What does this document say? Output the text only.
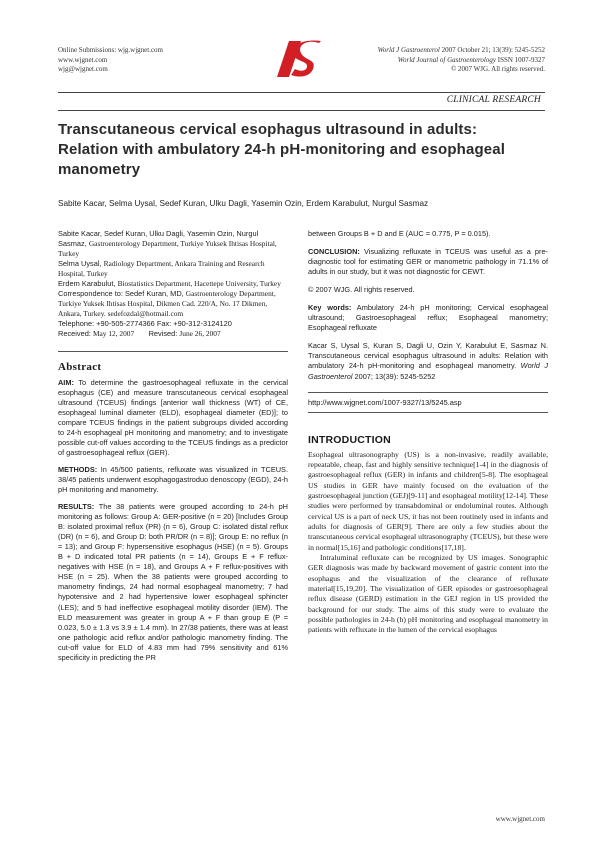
Online Submissions: wjg.wjgnet.com
www.wjgnet.com
wjg@wjgnet.com
World J Gastroenterol 2007 October 21; 13(39): 5245-5252
World Journal of Gastroenterology ISSN 1007-9327
© 2007 WJG. All rights reserved.
CLINICAL RESEARCH
Transcutaneous cervical esophagus ultrasound in adults: Relation with ambulatory 24-h pH-monitoring and esophageal manometry
Sabite Kacar, Selma Uysal, Sedef Kuran, Ulku Dagli, Yasemin Ozin, Erdem Karabulut, Nurgul Sasmaz
Sabite Kacar, Sedef Kuran, Ulku Dagli, Yasemin Ozin, Nurgul Sasmaz, Gastroenterology Department, Turkiye Yuksek Ihtisas Hospital, Turkey
Selma Uysal, Radiology Department, Ankara Training and Research Hospital, Turkey
Erdem Karabulut, Biostatistics Department, Hacettepe University, Turkey
Correspondence to: Sedef Kuran, MD, Gastroenterology Department, Turkiye Yuksek Ihtisas Hospital, Dikmen Cad. 220/A, No. 17 Dikmen, Ankara, Turkey. sedefozdal@hotmail.com
Telephone: +90-505-2774366 Fax: +90-312-3124120
Received: May 12, 2007 Revised: June 26, 2007
Abstract

AIM: To determine the gastroesophageal refluxate in the cervical esophagus (CE) and measure transcutaneous cervical esophageal ultrasound (TCEUS) findings [anterior wall thickness (WT) of CE, esophageal luminal diameter (ELD), esophageal diameter (ED)]; to compare TCEUS findings in the patient subgroups divided according to 24-h esophageal pH monitoring and manometry; and to investigate possible cut-off values according to the TCEUS findings as a predictor of gastroesophageal reflux (GER).

METHODS: In 45/500 patients, refluxate was visualized in TCEUS. 38/45 patients underwent esophagogastroduo denoscopy (EGD), 24-h pH monitoring and manometry.

RESULTS: The 38 patients were grouped according to 24-h pH monitoring as follows: Group A: GER-positive (n = 20) [Includes Group B: isolated proximal reflux (PR) (n = 6), Group C: isolated distal reflux (DR) (n = 6), and Group D: both PR/DR (n = 8)]; Group E: no reflux (n = 13); and Group F: hypersensitive esophagus (HSE) (n = 5). Groups B + D indicated total PR patients (n = 14), Groups E + F reflux-negatives with HSE (n = 18), and Groups A + F reflux-positives with HSE (n = 25). When the 38 patients were grouped according to manometry findings, 24 had normal esophageal manometry; 7 had hypotensive and 2 had hypertensive lower esophageal sphincter (LES); and 5 had ineffective esophageal motility disorder (IEM). The ELD measurement was greater in group A + F than group E (P = 0.023, 5.0 ± 1.3 vs 3.9 ± 1.4 mm). In 27/38 patients, there was at least one pathologic acid reflux and/or pathologic manometry finding. The cut-off value for ELD of 4.83 mm had 79% sensitivity and 61% specificity in predicting the PR

between Groups B + D and E (AUC = 0.775, P = 0.015).

CONCLUSION: Visualizing refluxate in TCEUS was useful as a pre-diagnostic tool for estimating GER or manometric pathology in 71.1% of adults in our study, but it was not diagnostic for CEWT.

© 2007 WJG. All rights reserved.

Key words: Ambulatory 24-h pH monitoring; Cervical esophageal ultrasound; Gastroesophageal reflux; Esophageal manometry; Esophageal refluxate

Kacar S, Uysal S, Kuran S, Dagli U, Ozin Y, Karabulut E, Sasmaz N. Transcutaneous cervical esophagus ultrasound in adults: Relation with ambulatory 24-h pH-monitoring and esophageal manometry. World J Gastroenterol 2007; 13(39): 5245-5252

http://www.wjgnet.com/1007-9327/13/5245.asp
INTRODUCTION

Esophageal ultrasonography (US) is a non-invasive, readily available, repeatable, cheap, fast and highly sensitive technique[1-4] in the diagnosis of gastroesophageal reflux (GER) in infants and children[5-8]. The esophageal US studies in GER have mainly focused on the evaluation of the gastroesophageal junction (GEJ)[9-11] and esophageal motility[12-14]. These studies were performed by transabdominal or endoluminal routes. Although cervical US is a part of neck US, it has not been routinely used in infants and adults for diagnosis of GER[9]. There are only a few studies about the transcutaneous cervical esophageal ultrasonography (TCEUS), but these were in normal[15,16] and pathologic conditions[17,18].

Intraluminal refluxate can be recognized by US images. Sonographic GER diagnosis was made by backward movement of gastric content into the esophagus and the visualization of the clearance of refluxate material[15,19,20]. The visualization of GER episodes or gastroesophageal reflux disease (GERD) estimation in the GEJ region in US provided the background for our study. The aims of this study were to evaluate the possible pathologies in 24-h (h) pH monitoring and esophageal manometry in patients with refluxate in the lumen of the cervical esophagus

www.wjgnet.com
